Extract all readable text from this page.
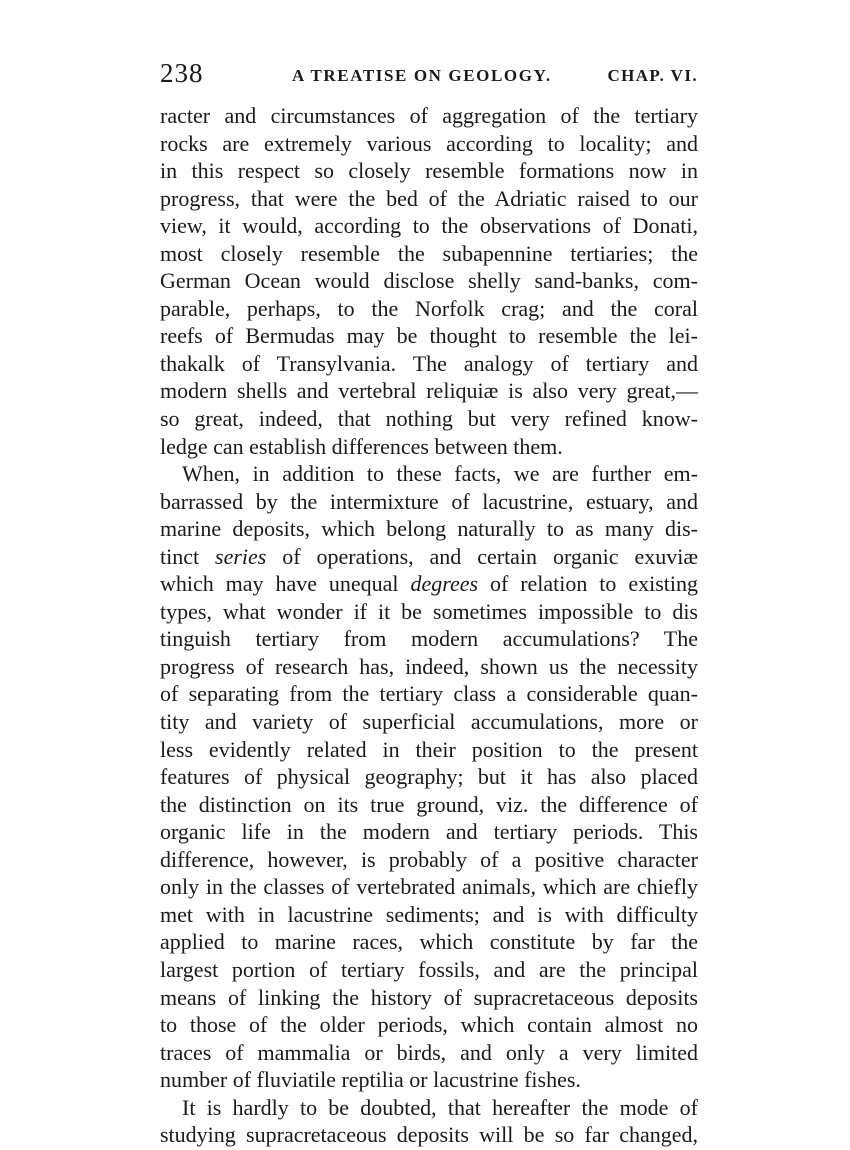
238	A TREATISE ON GEOLOGY.	CHAP. VI.
racter and circumstances of aggregation of the tertiary
rocks are extremely various according to locality; and
in this respect so closely resemble formations now in
progress, that were the bed of the Adriatic raised to our
view, it would, according to the observations of Donati,
most closely resemble the subapennine tertiaries; the
German Ocean would disclose shelly sand-banks, com-
parable, perhaps, to the Norfolk crag; and the coral
reefs of Bermudas may be thought to resemble the lei-
thakalk of Transylvania. The analogy of tertiary and
modern shells and vertebral reliquiæ is also very great,—
so great, indeed, that nothing but very refined know-
ledge can establish differences between them.
When, in addition to these facts, we are further em-
barrassed by the intermixture of lacustrine, estuary, and
marine deposits, which belong naturally to as many dis-
tinct series of operations, and certain organic exuviæ
which may have unequal degrees of relation to existing
types, what wonder if it be sometimes impossible to dis
tinguish tertiary from modern accumulations? The
progress of research has, indeed, shown us the necessity
of separating from the tertiary class a considerable quan-
tity and variety of superficial accumulations, more or
less evidently related in their position to the present
features of physical geography; but it has also placed
the distinction on its true ground, viz. the difference of
organic life in the modern and tertiary periods. This
difference, however, is probably of a positive character
only in the classes of vertebrated animals, which are chiefly
met with in lacustrine sediments; and is with difficulty
applied to marine races, which constitute by far the
largest portion of tertiary fossils, and are the principal
means of linking the history of supracretaceous deposits
to those of the older periods, which contain almost no
traces of mammalia or birds, and only a very limited
number of fluviatile reptilia or lacustrine fishes.
It is hardly to be doubted, that hereafter the mode of
studying supracretaceous deposits will be so far changed,
